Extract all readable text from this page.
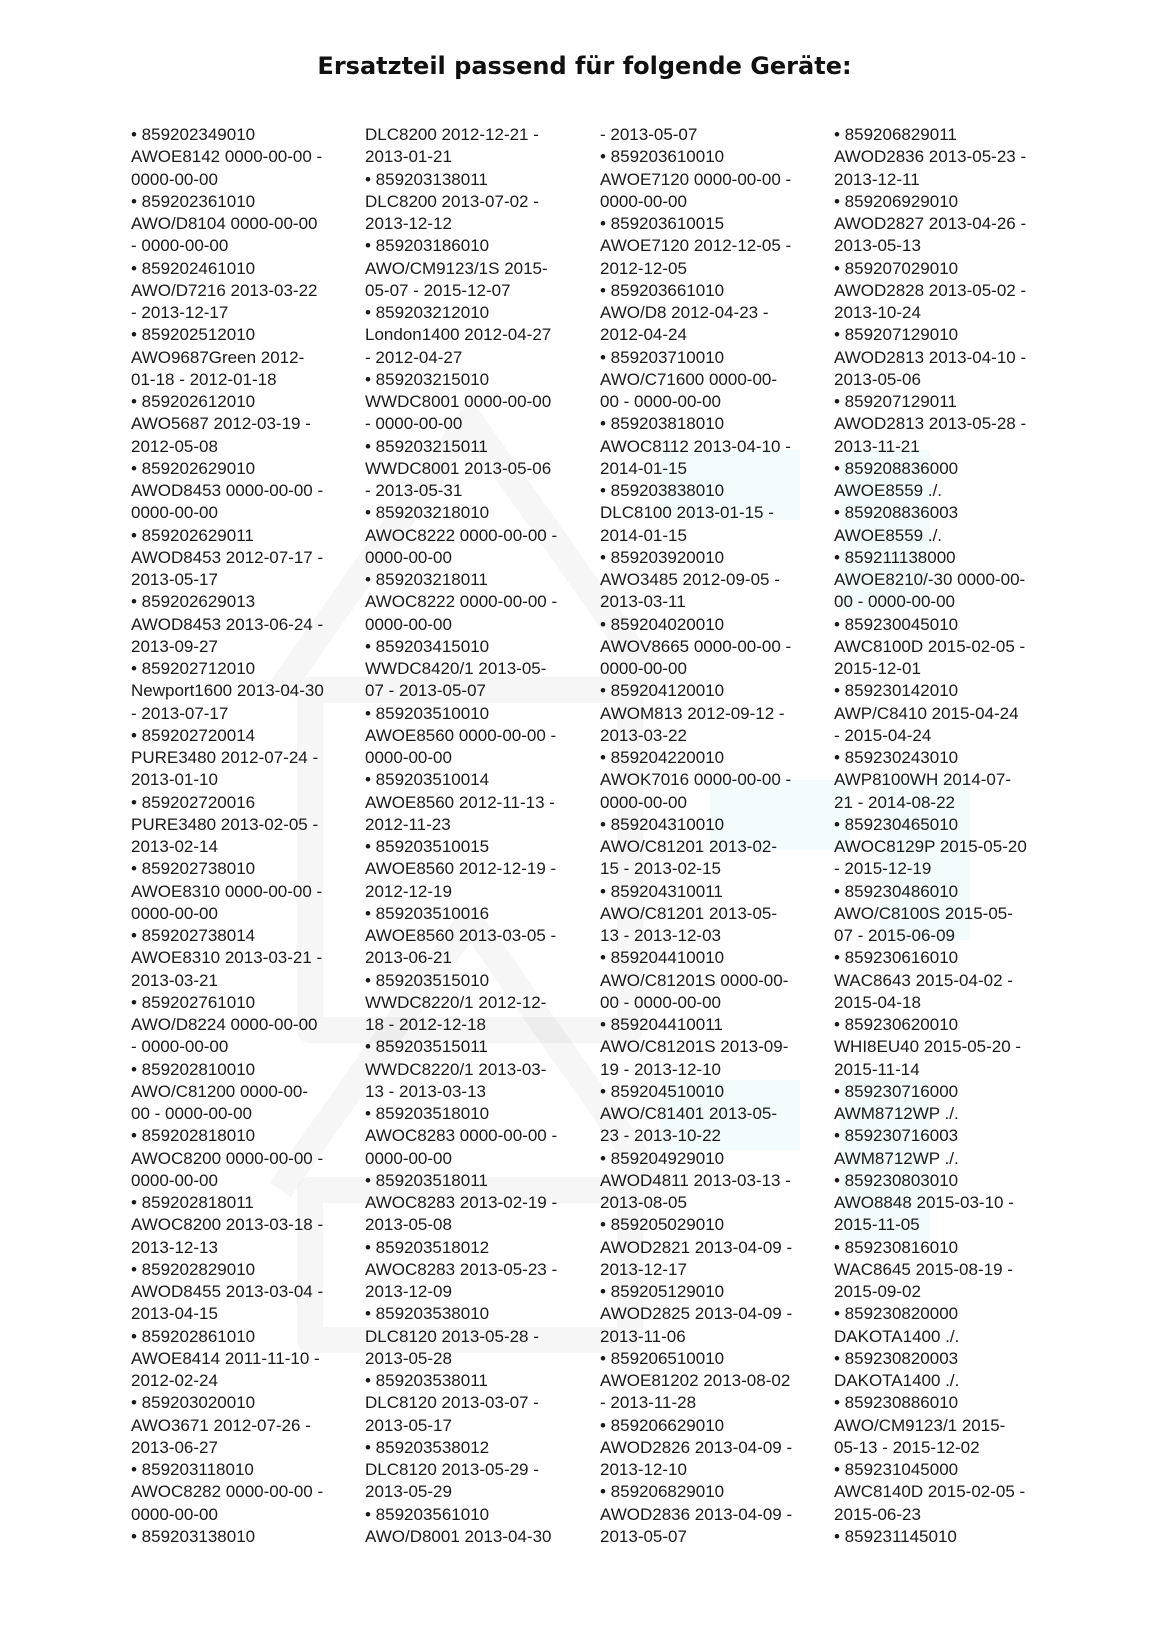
Ersatzteil passend für folgende Geräte:
• 859202349010
AWOE8142 0000-00-00 -
0000-00-00
• 859202361010
AWO/D8104 0000-00-00
- 0000-00-00
• 859202461010
AWO/D7216 2013-03-22
- 2013-12-17
• 859202512010
AWO9687Green 2012-
01-18 - 2012-01-18
• 859202612010
AWO5687 2012-03-19 -
2012-05-08
• 859202629010
AWOD8453 0000-00-00 -
0000-00-00
• 859202629011
AWOD8453 2012-07-17 -
2013-05-17
• 859202629013
AWOD8453 2013-06-24 -
2013-09-27
• 859202712010
Newport1600 2013-04-30
- 2013-07-17
• 859202720014
PURE3480 2012-07-24 -
2013-01-10
• 859202720016
PURE3480 2013-02-05 -
2013-02-14
• 859202738010
AWOE8310 0000-00-00 -
0000-00-00
• 859202738014
AWOE8310 2013-03-21 -
2013-03-21
• 859202761010
AWO/D8224 0000-00-00
- 0000-00-00
• 859202810010
AWO/C81200 0000-00-
00 - 0000-00-00
• 859202818010
AWOC8200 0000-00-00 -
0000-00-00
• 859202818011
AWOC8200 2013-03-18 -
2013-12-13
• 859202829010
AWOD8455 2013-03-04 -
2013-04-15
• 859202861010
AWOE8414 2011-11-10 -
2012-02-24
• 859203020010
AWO3671 2012-07-26 -
2013-06-27
• 859203118010
AWOC8282 0000-00-00 -
0000-00-00
• 859203138010
DLC8200 2012-12-21 -
2013-01-21
• 859203138011
DLC8200 2013-07-02 -
2013-12-12
• 859203186010
AWO/CM9123/1S 2015-
05-07 - 2015-12-07
• 859203212010
London1400 2012-04-27
- 2012-04-27
• 859203215010
WWDC8001 0000-00-00
- 0000-00-00
• 859203215011
WWDC8001 2013-05-06
- 2013-05-31
• 859203218010
AWOC8222 0000-00-00 -
0000-00-00
• 859203218011
AWOC8222 0000-00-00 -
0000-00-00
• 859203415010
WWDC8420/1 2013-05-
07 - 2013-05-07
• 859203510010
AWOE8560 0000-00-00 -
0000-00-00
• 859203510014
AWOE8560 2012-11-13 -
2012-11-23
• 859203510015
AWOE8560 2012-12-19 -
2012-12-19
• 859203510016
AWOE8560 2013-03-05 -
2013-06-21
• 859203515010
WWDC8220/1 2012-12-
18 - 2012-12-18
• 859203515011
WWDC8220/1 2013-03-
13 - 2013-03-13
• 859203518010
AWOC8283 0000-00-00 -
0000-00-00
• 859203518011
AWOC8283 2013-02-19 -
2013-05-08
• 859203518012
AWOC8283 2013-05-23 -
2013-12-09
• 859203538010
DLC8120 2013-05-28 -
2013-05-28
• 859203538011
DLC8120 2013-03-07 -
2013-05-17
• 859203538012
DLC8120 2013-05-29 -
2013-05-29
• 859203561010
AWO/D8001 2013-04-30
- 2013-05-07
• 859203610010
AWOE7120 0000-00-00 -
0000-00-00
• 859203610015
AWOE7120 2012-12-05 -
2012-12-05
• 859203661010
AWO/D8 2012-04-23 -
2012-04-24
• 859203710010
AWO/C71600 0000-00-
00 - 0000-00-00
• 859203818010
AWOC8112 2013-04-10 -
2014-01-15
• 859203838010
DLC8100 2013-01-15 -
2014-01-15
• 859203920010
AWO3485 2012-09-05 -
2013-03-11
• 859204020010
AWOV8665 0000-00-00 -
0000-00-00
• 859204120010
AWOM813 2012-09-12 -
2013-03-22
• 859204220010
AWOK7016 0000-00-00 -
0000-00-00
• 859204310010
AWO/C81201 2013-02-
15 - 2013-02-15
• 859204310011
AWO/C81201 2013-05-
13 - 2013-12-03
• 859204410010
AWO/C81201S 0000-00-
00 - 0000-00-00
• 859204410011
AWO/C81201S 2013-09-
19 - 2013-12-10
• 859204510010
AWO/C81401 2013-05-
23 - 2013-10-22
• 859204929010
AWOD4811 2013-03-13 -
2013-08-05
• 859205029010
AWOD2821 2013-04-09 -
2013-12-17
• 859205129010
AWOD2825 2013-04-09 -
2013-11-06
• 859206510010
AWOE81202 2013-08-02
- 2013-11-28
• 859206629010
AWOD2826 2013-04-09 -
2013-12-10
• 859206829010
AWOD2836 2013-04-09 -
2013-05-07
• 859206829011
AWOD2836 2013-05-23 -
2013-12-11
• 859206929010
AWOD2827 2013-04-26 -
2013-05-13
• 859207029010
AWOD2828 2013-05-02 -
2013-10-24
• 859207129010
AWOD2813 2013-04-10 -
2013-05-06
• 859207129011
AWOD2813 2013-05-28 -
2013-11-21
• 859208836000
AWOE8559 ./.
• 859208836003
AWOE8559 ./.
• 859211138000
AWOE8210/-30 0000-00-
00 - 0000-00-00
• 859230045010
AWC8100D 2015-02-05 -
2015-12-01
• 859230142010
AWP/C8410 2015-04-24
- 2015-04-24
• 859230243010
AWP8100WH 2014-07-
21 - 2014-08-22
• 859230465010
AWOC8129P 2015-05-20
- 2015-12-19
• 859230486010
AWO/C8100S 2015-05-
07 - 2015-06-09
• 859230616010
WAC8643 2015-04-02 -
2015-04-18
• 859230620010
WHI8EU40 2015-05-20 -
2015-11-14
• 859230716000
AWM8712WP ./.
• 859230716003
AWM8712WP ./.
• 859230803010
AWO8848 2015-03-10 -
2015-11-05
• 859230816010
WAC8645 2015-08-19 -
2015-09-02
• 859230820000
DAKOTA1400 ./.
• 859230820003
DAKOTA1400 ./.
• 859230886010
AWO/CM9123/1 2015-
05-13 - 2015-12-02
• 859231045000
AWC8140D 2015-02-05 -
2015-06-23
• 859231145010
